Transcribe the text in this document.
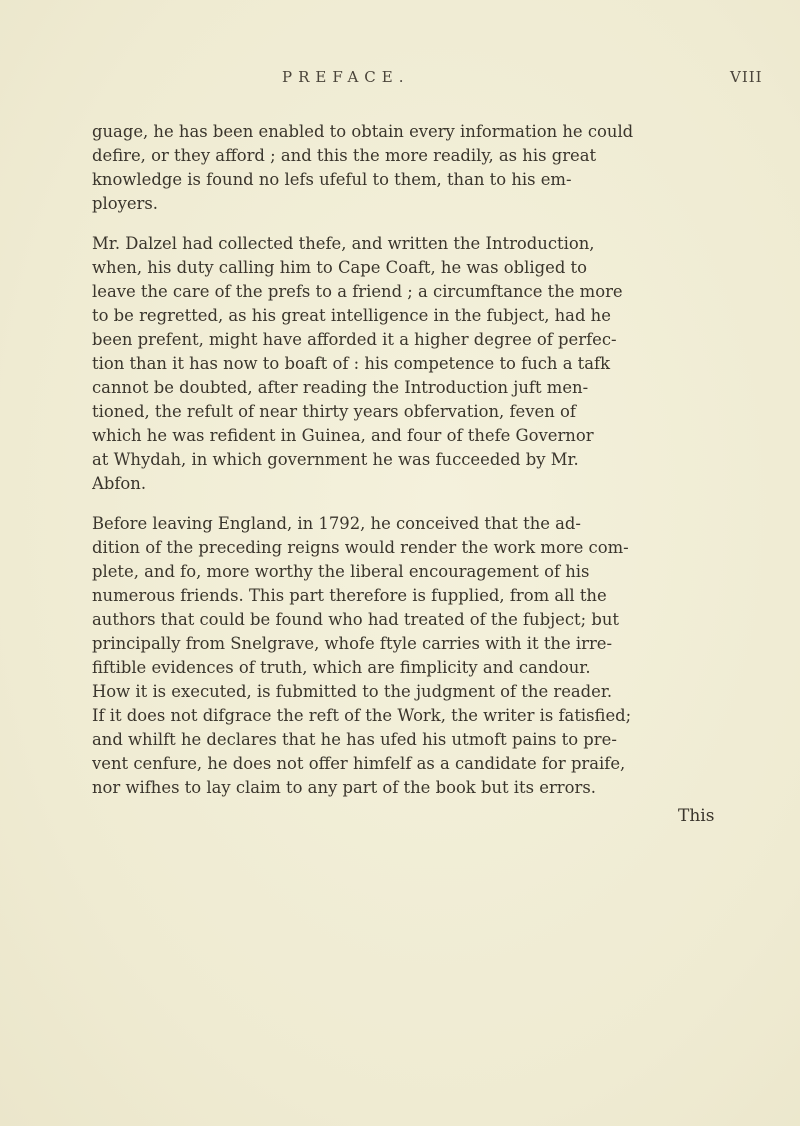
PREFACE.	VIII
guage, he has been enabled to obtain every information he could
defire, or they afford ; and this the more readily, as his great
knowledge is found no lefs ufeful to them, than to his em-
ployers.
Mr. Dalzel had collected thefe, and written the Introduction,
when, his duty calling him to Cape Coaft, he was obliged to
leave the care of the prefs to a friend ; a circumftance the more
to be regretted, as his great intelligence in the fubject, had he
been prefent, might have afforded it a higher degree of perfec-
tion than it has now to boaft of : his competence to fuch a tafk
cannot be doubted, after reading the Introduction juft men-
tioned, the refult of near thirty years obfervation, feven of
which he was refident in Guinea, and four of thefe Governor
at Whydah, in which government he was fucceeded by Mr.
Abfon.
Before leaving England, in 1792, he conceived that the ad-
dition of the preceding reigns would render the work more com-
plete, and fo, more worthy the liberal encouragement of his
numerous friends. This part therefore is fupplied, from all the
authors that could be found who had treated of the fubject; but
principally from Snelgrave, whofe ftyle carries with it the irre-
fiftible evidences of truth, which are fimplicity and candour.
How it is executed, is fubmitted to the judgment of the reader.
If it does not difgrace the reft of the Work, the writer is fatisfied;
and whilft he declares that he has ufed his utmoft pains to pre-
vent cenfure, he does not offer himfelf as a candidate for praife,
nor wifhes to lay claim to any part of the book but its errors.
This
